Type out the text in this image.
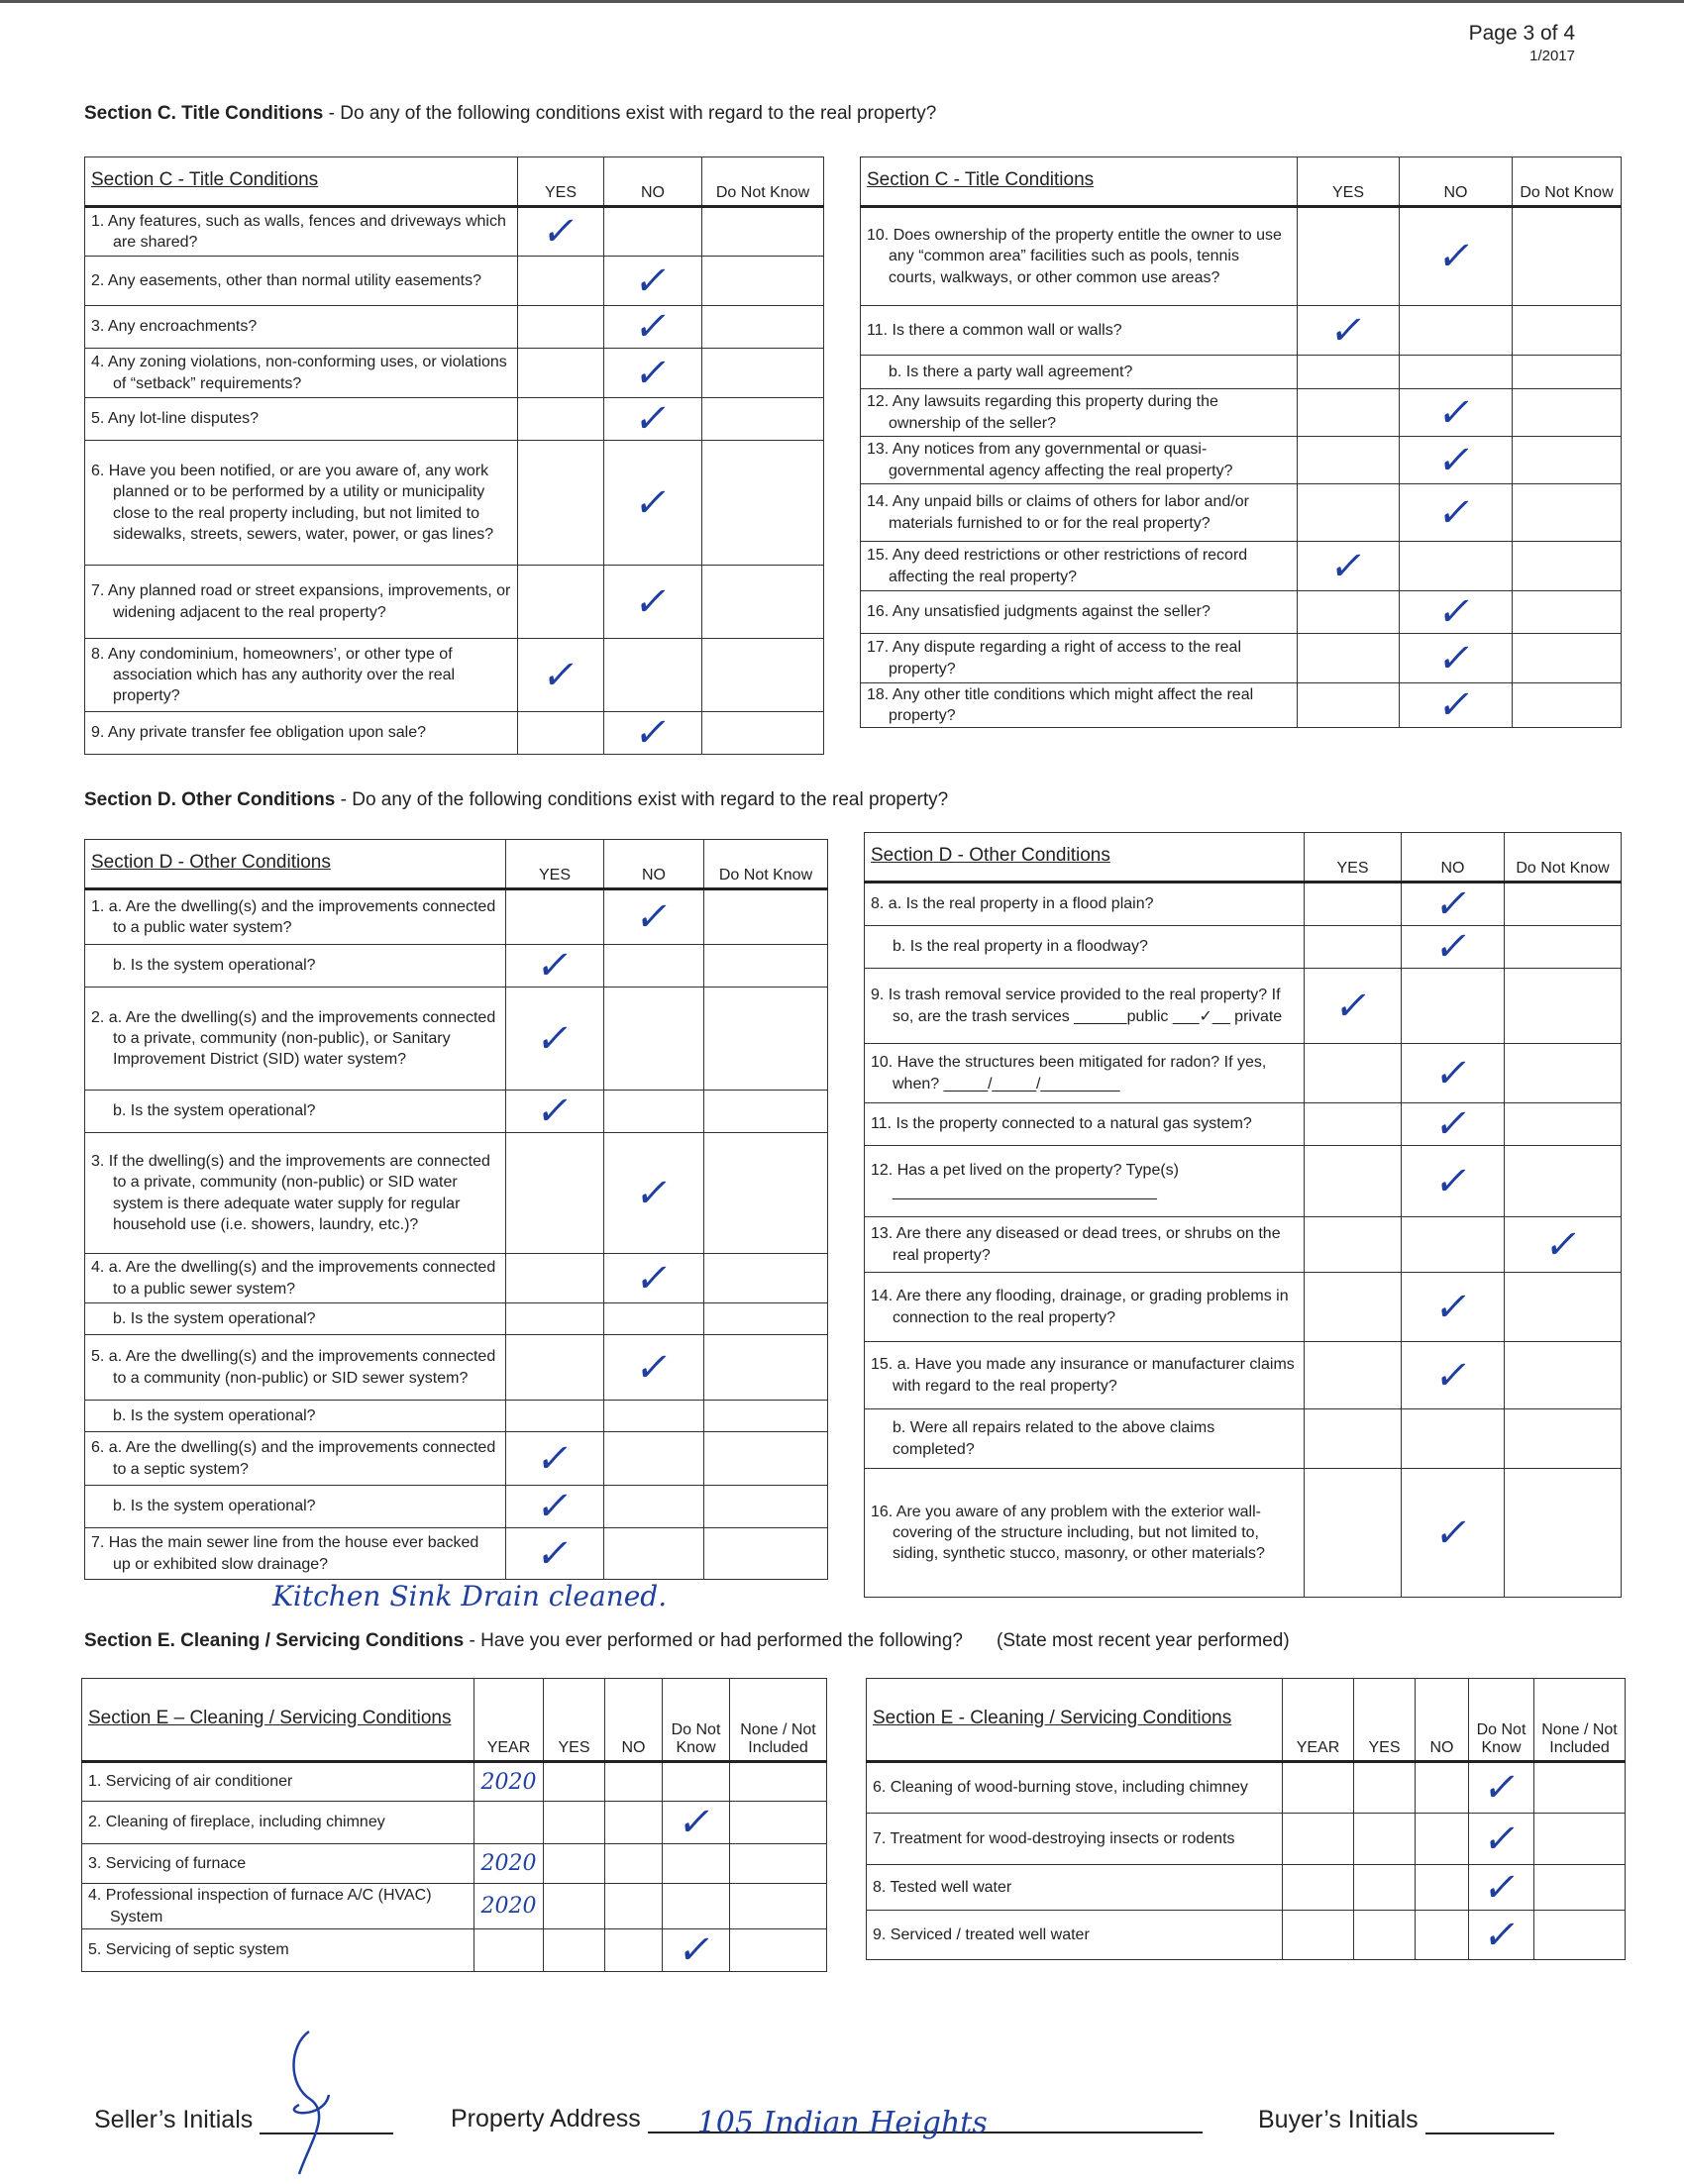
Page 3 of 4
1/2017
Section C. Title Conditions - Do any of the following conditions exist with regard to the real property?
Section C - Title Conditions	YES	NO	Do Not Know

1. Any features, such as walls, fences and driveways which are shared?	✓		

2. Any easements, other than normal utility easements?		✓	

3. Any encroachments?		✓	

4. Any zoning violations, non-conforming uses, or violations of “setback” requirements?		✓	

5. Any lot-line disputes?		✓	

6. Have you been notified, or are you aware of, any work planned or to be performed by a utility or municipality close to the real property including, but not limited to sidewalks, streets, sewers, water, power, or gas lines?		✓	

7. Any planned road or street expansions, improvements, or widening adjacent to the real property?		✓	

8. Any condominium, homeowners’, or other type of association which has any authority over the real property?	✓		

9. Any private transfer fee obligation upon sale?		✓	
Section C - Title Conditions	YES	NO	Do Not Know

10. Does ownership of the property entitle the owner to use any “common area” facilities such as pools, tennis courts, walkways, or other common use areas?		✓	

11. Is there a common wall or walls?	✓		

b. Is there a party wall agreement?			

12. Any lawsuits regarding this property during the ownership of the seller?		✓	

13. Any notices from any governmental or quasi-governmental agency affecting the real property?		✓	

14. Any unpaid bills or claims of others for labor and/or materials furnished to or for the real property?		✓	

15. Any deed restrictions or other restrictions of record affecting the real property?	✓		

16. Any unsatisfied judgments against the seller?		✓	

17. Any dispute regarding a right of access to the real property?		✓	

18. Any other title conditions which might affect the real property?		✓	
Section D. Other Conditions - Do any of the following conditions exist with regard to the real property?
Section D - Other Conditions	YES	NO	Do Not Know

1. a. Are the dwelling(s) and the improvements connected to a public water system?		✓	

b. Is the system operational?	✓		

2. a. Are the dwelling(s) and the improvements connected to a private, community (non-public), or Sanitary Improvement District (SID) water system?	✓		

b. Is the system operational?	✓		

3. If the dwelling(s) and the improvements are connected to a private, community (non-public) or SID water system is there adequate water supply for regular household use (i.e. showers, laundry, etc.)?		✓	

4. a. Are the dwelling(s) and the improvements connected to a public sewer system?		✓	

b. Is the system operational?			

5. a. Are the dwelling(s) and the improvements connected to a community (non-public) or SID sewer system?		✓	

b. Is the system operational?			

6. a. Are the dwelling(s) and the improvements connected to a septic system?	✓		

b. Is the system operational?	✓		

7. Has the main sewer line from the house ever backed up or exhibited slow drainage?	✓		
Section D - Other Conditions	YES	NO	Do Not Know

8. a. Is the real property in a flood plain?		✓	

b. Is the real property in a floodway?		✓	

9. Is trash removal service provided to the real property? If so, are the trash services ______public ___✓__ private	✓		

10. Have the structures been mitigated for radon? If yes, when? _____/_____/_________		✓	

11. Is the property connected to a natural gas system?		✓	

12. Has a pet lived on the property? Type(s) ______________________________		✓	

13. Are there any diseased or dead trees, or shrubs on the real property?			✓

14. Are there any flooding, drainage, or grading problems in connection to the real property?		✓	

15. a. Have you made any insurance or manufacturer claims with regard to the real property?		✓	

b. Were all repairs related to the above claims completed?			

16. Are you aware of any problem with the exterior wall-covering of the structure including, but not limited to, siding, synthetic stucco, masonry, or other materials?		✓	
Kitchen Sink Drain cleaned.
Section E. Cleaning / Servicing Conditions - Have you ever performed or had performed the following? (State most recent year performed)
Section E – Cleaning / Servicing Conditions	YEAR	YES	NO	Do Not Know	None / Not Included

1. Servicing of air conditioner	2020				

2. Cleaning of fireplace, including chimney				✓	

3. Servicing of furnace	2020				

4. Professional inspection of furnace A/C (HVAC) System	2020				

5. Servicing of septic system				✓	
Section E - Cleaning / Servicing Conditions	YEAR	YES	NO	Do Not Know	None / Not Included

6. Cleaning of wood-burning stove, including chimney				✓	

7. Treatment for wood-destroying insects or rodents				✓	

8. Tested well water				✓	

9. Serviced / treated well water				✓	
Seller’s Initials	Property Address 105 Indian Heights	Buyer’s Initials
